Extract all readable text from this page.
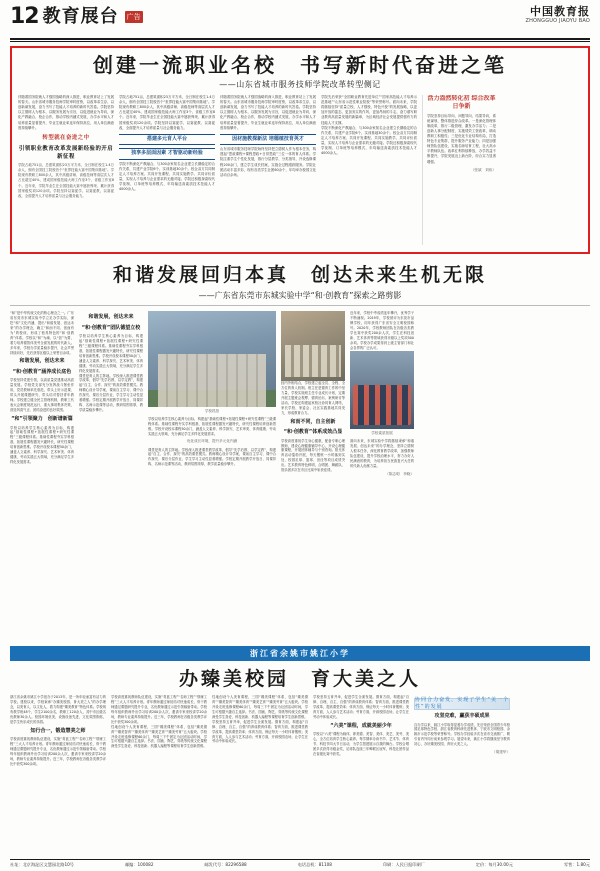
12 教育展台 广告	中国教育报
ZHONGGUO JIAOYU BAO
创建一流职业名校　书写新时代奋进之笔
——山东省城市服务技师学院改革转型侧记
伴随着国务院就人才强国战略的深入推进，职业教育站上了发展的春天。山东省城市服务技师学院审时度势，以改革求生存、以创新谋发展，奋力书写了技能人才培养的新时代答卷。学院坚持以立德树人为根本，以服务发展为宗旨，以促进就业为导向，深化产教融合、校企合作，推动学校内涵式发展，办学水平和人才培养质量显著提升，毕业生就业率连年保持高位，用人单位满意度持续攀升。
转型就在奋进之中
引领职业教育改革发展新经验的开启新征程
学院占地751亩，总建筑面积23万平方米，全日制在校生1.4万余人，拥有全国技工院校首个“世界技能大赛中国集训基地”。学院现有教职工800余人，其中高级讲师、高级技师等高层次人才占比超过40%，建成国家级技能大师工作室3个、省级工作室8个。近年来，学院毕业生在全国技能大赛中屡获殊荣，累计获得国家级奖项120余项。学院坚持以赛促学、以赛促教、以赛促改，全面提升人才培养质量与社会服务能力。
学院占地751亩，总建筑面积23万平方米，全日制在校生1.4万余人，拥有全国技工院校首个“世界技能大赛中国集训基地”。学院现有教职工800余人，其中高级讲师、高级技师等高层次人才占比超过40%，建成国家级技能大师工作室3个、省级工作室8个。近年来，学院毕业生在全国技能大赛中屡获殊荣，累计获得国家级奖项120余项。学院坚持以赛促学、以赛促教、以赛促改，全面提升人才培养质量与社会服务能力。
搭建多元育人平台
独享多层面因素 才智驱动新经验
学院不断深化产教融合，与300余家知名企业建立长期稳定的合作关系，共建产业学院6个、实训基地30余个。校企双方共同制定人才培养方案、共同开发课程、共同实施教学、共同评价质量，实现人才培养与企业需求的无缝对接。学院还积极探索现代学徒制、订单班等培养模式，年均输送高素质技术技能人才4000余人。
伴随着国务院就人才强国战略的深入推进，职业教育站上了发展的春天。山东省城市服务技师学院审时度势，以改革求生存、以创新谋发展，奋力书写了技能人才培养的新时代答卷。学院坚持以立德树人为根本，以服务发展为宗旨，以促进就业为导向，深化产教融合、校企合作，推动学校内涵式发展，办学水平和人才培养质量显著提升，毕业生就业率连年保持高位，用人单位满意度持续攀升。
因材施教探新法 培德植技育英才
山东省城市服务技师学院始终坚持把立德树人作为根本任务，构建起“思政课程+课程思政+日常思政”三位一体的育人体系。学院注重学生个性化发展，推行分层教学、分类指导，开设选修课程200余门，建立学生成长档案，实施全过程跟踪服务。学院社团活动丰富多彩，现有各类学生社团60余个，年均举办校园文化活动百余场。
学院先后荣获“全国职业教育先进单位”“国家高技能人才培养示范基地”“山东省示范性职业院校”等荣誉称号。面向未来，学院将继续坚持“质量立校、人才强校、特色兴校”的发展战略，以更加开放的姿态、更加务实的作风、更加昂扬的斗志，奋力谱写职业教育高质量发展的新篇章，为区域经济社会发展提供强有力的技能人才支撑。
学院不断深化产教融合，与300余家知名企业建立长期稳定的合作关系，共建产业学院6个、实训基地30余个。校企双方共同制定人才培养方案、共同开发课程、共同实施教学、共同评价质量，实现人才培养与企业需求的无缝对接。学院还积极探索现代学徒制、订单班等培养模式，年均输送高素质技术技能人才4000余人。
活力盎然转化初 综合改革日争新
学院坚持目标导向、问题导向、结果导向，系统谋划、整体推进综合改革。一是深化管理体制改革，推行二级管理，激发办学活力；二是创新人事分配制度，实施绩效工资改革，调动教职工积极性；三是优化专业结构布局，打造特色专业集群，提升服务产业能力；四是加强师资队伍建设，实施名师培育工程，壮大高水平教师队伍。改革红利持续释放，办学效益不断提升，学院发展迈上新台阶，综合实力显著增强。
（张斌　刘伟）
和谐发展回归本真　创达未来生机无限
——广东省东莞市东城实验中学“和·创教育”探索之路剪影
“和”是中华传统文化的核心理念之一。广东省东莞市东城实验中学立足办学实际，深挖“和”文化内涵，提出“和谐发展、创达未来”的办学理念，确立“和而不同、创而有为”的校训，形成了独具特色的“和·创教育”体系。学校以“和”为魂、以“创”为要，着力培养德智体美劳全面发展的时代新人。多年来，学校办学质量稳步提升，社会声誉持续向好，先后获得区级以上荣誉百余项。
和谐发展，创达未来
“和·创教育”涵养成长底色
学校坚持党建引领，以高质量党建推动高质量发展。学校党支部充分发挥战斗堡垒作用，党员教师率先垂范，带头上好示范课、带头开展课题研究、带头结对帮扶青年教师。学校建立健全民主管理机制，教职工代表大会制度规范运行，重大事项集体决策，营造风清气正、团结奋进的良好氛围。
“和”引领聚力　创新谱新篇
学校以培养学生核心素养为目标，构建起“基础性课程+拓展性课程+研究性课程”三级课程体系。基础性课程夯实学科根基，拓展性课程激发兴趣特长，研究性课程培育创新思维。学校开设校本课程50余门，涵盖人文素养、科学探究、艺术审美、体育健康、劳动实践五大领域，充分满足学生多样化发展需求。
和谐发展，创达未来
“和·创教育”团队德望立校
学校以培养学生核心素养为目标，构建起“基础性课程+拓展性课程+研究性课程”三级课程体系。基础性课程夯实学科根基，拓展性课程激发兴趣特长，研究性课程培育创新思维。学校开设校本课程50余门，涵盖人文素养、科学探究、艺术审美、体育健康、劳动实践五大领域，充分满足学生多样化发展需求。
课堂是育人的主阵地。学校深入推进课堂教学改革，倡导“先学后教、以学定教”，构建起“自主、合作、探究”的高效课堂模式。教师精心设计导学案，课前自主学习、课中合作探究、课后分层作业，学生学习主动性显著增强。学校定期开展教学开放日、同课异构、名师示范课等活动，教研氛围浓厚，教学质量稳步攀升。	学校抓拍
学校以培养学生核心素养为目标，构建起“基础性课程+拓展性课程+研究性课程”三级课程体系。基础性课程夯实学科根基，拓展性课程激发兴趣特长，研究性课程培育创新思维。学校开设校本课程50余门，涵盖人文素养、科学探究、艺术审美、体育健康、劳动实践五大领域，充分满足学生多样化发展需求。
优化成长环境，提升多元化内涵
课堂是育人的主阵地。学校深入推进课堂教学改革，倡导“先学后教、以学定教”，构建起“自主、合作、探究”的高效课堂模式。教师精心设计导学案，课前自主学习、课中合作探究、课后分层作业，学生学习主动性显著增强。学校定期开展教学开放日、同课异构、名师示范课等活动，教研氛围浓厚，教学质量稳步攀升。
经内外相结合，学校建立起全员、全程、全方位的育人机制。班主任是德育工作的中坚力量，学校实施班主任专业成长计划，定期开展主题班会观摩、德育论坛、案例研讨等活动。学校还构建起家校社协同育人网络，家长学校、家委会、社区实践基地共同发力，形成教育合力。
和而不同，自主创新
“和·创教育”体系成效凸显
学校高度重视学生身心健康，配备专职心理教师，建设心理健康辅导中心，开设心理健康课程，开展团体辅导与个别咨询。阳光体育活动蓬勃开展，每天锻炼一小时落到实处，校园足球、篮球、田径等项目成绩突出。艺术教育特色鲜明，合唱团、舞蹈队、管乐团多次在市区比赛中斩获佳绩。
近年来，学校中考成绩连年攀升，优秀学子不断涌现。2019年，学校被评为东莞市品牌学校，同年获得广东省安全文明校园称号。2020年，学校教师团队在各级各类教学比赛中获奖200余人次，学生在科技创新、艺术体育等领域获得市级以上奖项500余项。学校办学成果得到上级主管部门和社会各界的广泛认可。
学校素质拓展
面向未来，东城实验中学将继续秉承“和谐发展、创达未来”的办学理念，坚持立德树人根本任务，深化教育教学改革，加强教师队伍建设，提升学校治理水平，努力办好人民满意的教育，为培养担当民族复兴大任的时代新人贡献力量。
（陈志明　李晓）
浙江省余姚市姚江小学
办臻美校园　育大美之人
浙江省余姚市姚江小学创办于2013年，是一所年轻而富有活力的学校。建校以来，学校秉承“办臻美校园、育大美之人”的办学理念，以美育人、以文化人，着力构建“臻美教育”特色体系。学校现有教学班48个，学生2100余名，教职工120余人，其中市区级名优教师30余人。校园环境优美，设施设备先进，文化氛围浓郁，是学生快乐成长的乐园。
知行合一，锻造慧美之师
学校高度重视教师队伍建设，实施“青蓝工程”“名师工程”“领雁工程”三大人才培养计划。青年教师通过师徒结对快速成长，骨干教师通过课题研究提升专业，名优教师通过示范引领辐射带动。学校每年组织教师外出学习培训200余人次，邀请专家来校讲学20余场，教师专业素养持续提升。近三年，学校教师在各级各类教学评比中获奖300余项。
学校高度重视教师队伍建设，实施“青蓝工程”“名师工程”“领雁工程”三大人才培养计划。青年教师通过师徒结对快速成长，骨干教师通过课题研究提升专业，名优教师通过示范引领辐射带动。学校每年组织教师外出学习培训200余人次，邀请专家来校讲学20余场，教师专业素养持续提升。近三年，学校教师在各级各类教学评比中获奖300余项。
性地创设个人美育课程，三国“臻美课程”体系，包括“臻美德育”“臻美智育”“臻美体育”“臻美艺育”“臻美劳育”五大板块。学校开设走班选修课程60余门，每周三下午固定为社团活动时间，学生可根据兴趣自主选择。书法、国画、陶艺、剪纸等传统文化课程深受学生喜爱，科技创新、机器人编程等课程培育学生创新思维。
性地创设个人美育课程，三国“臻美课程”体系，包括“臻美德育”“臻美智育”“臻美体育”“臻美艺育”“臻美劳育”五大板块。学校开设走班选修课程60余门，每周三下午固定为社团活动时间，学生可根据兴趣自主选择。书法、国画、陶艺、剪纸等传统文化课程深受学生喜爱，科技创新、机器人编程等课程培育学生创新思维。
学校坚持五育并举，促进学生全面发展。德育方面，构建起“自律、自理、自主、自强”的养成教育体系；智育方面，推进课堂教学改革，提高课堂效率；体育方面，保证每天一小时体育锻炼；美育方面，人人参与艺术活动；劳育方面，开辟校园农场，让学生在劳动中体验成长。
学校坚持五育并举，促进学生全面发展。德育方面，构建起“自律、自理、自主、自强”的养成教育体系；智育方面，推进课堂教学改革，提高课堂效率；体育方面，保证每天一小时体育锻炼；美育方面，人人参与艺术活动；劳育方面，开辟校园农场，让学生在劳动中体验成长。
“六美”课程，成就美丽少年
学校以“六美”课程为载体，即美德、美智、美体、美艺、美劳、美心，全方位培育学生核心素养。每学期举办读书节、艺术节、体育节、科技节四大节日活动，为学生搭建展示自我的舞台。学校合唱团多次获得市级金奖，足球队连续三年蝉联区冠军，科技社团作品在省级比赛中获奖。
协同合力奋发，实现了学生“美一个性”的发展
攻坚克难，赢获丰硕成果
自办学以来，姚江小学取得显著办学成绩，先后荣获全国青少年校园足球特色学校、浙江省教育科研先进集体、宁波市文明校园、余姚市示范学校等荣誉称号。学校办学经验多次在省市交流推广，吸引省内外同行前来参观学习。展望未来，姚江小学将继续坚守教育初心，办好臻美校园，育好大美之人。
（胡建华）
社址：北京海淀区文慧园北路10号	邮编：100082	邮发代号：82296588	电话总机：81108	印刷：人民日报印刷厂	定价：每月30.00元	零售：1.80元
